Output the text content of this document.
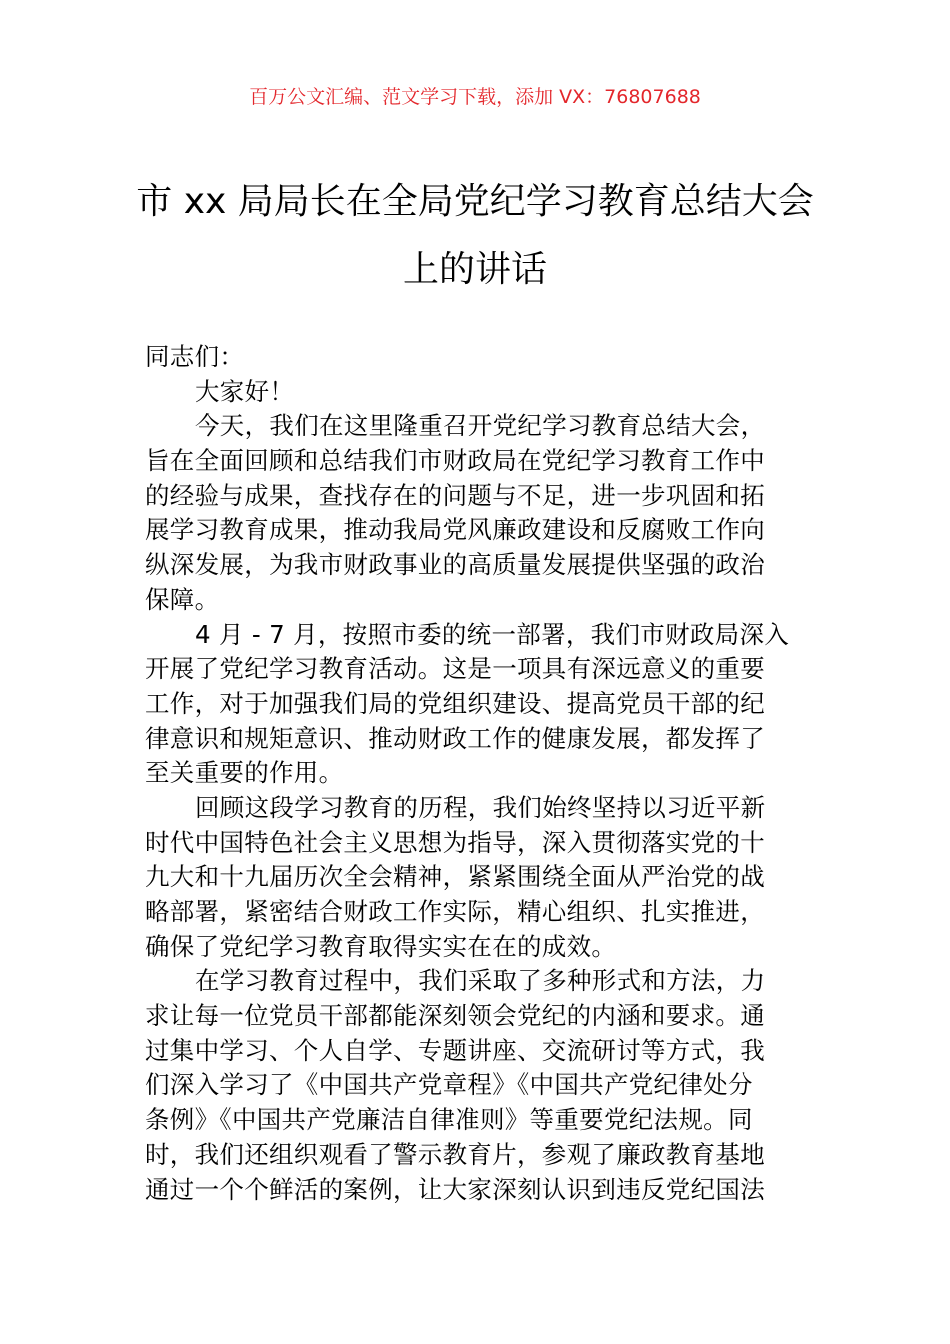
百万公文汇编、范文学习下载，添加 VX：76807688
市 xx 局局长在全局党纪学习教育总结大会
上的讲话
同志们：
大家好！
今天，我们在这里隆重召开党纪学习教育总结大会，
旨在全面回顾和总结我们市财政局在党纪学习教育工作中
的经验与成果，查找存在的问题与不足，进一步巩固和拓
展学习教育成果，推动我局党风廉政建设和反腐败工作向
纵深发展，为我市财政事业的高质量发展提供坚强的政治
保障。
4 月 - 7 月，按照市委的统一部署，我们市财政局深入
开展了党纪学习教育活动。这是一项具有深远意义的重要
工作，对于加强我们局的党组织建设、提高党员干部的纪
律意识和规矩意识、推动财政工作的健康发展，都发挥了
至关重要的作用。
回顾这段学习教育的历程，我们始终坚持以习近平新
时代中国特色社会主义思想为指导，深入贯彻落实党的十
九大和十九届历次全会精神，紧紧围绕全面从严治党的战
略部署，紧密结合财政工作实际，精心组织、扎实推进，
确保了党纪学习教育取得实实在在的成效。
在学习教育过程中，我们采取了多种形式和方法，力
求让每一位党员干部都能深刻领会党纪的内涵和要求。通
过集中学习、个人自学、专题讲座、交流研讨等方式，我
们深入学习了《中国共产党章程》《中国共产党纪律处分
条例》《中国共产党廉洁自律准则》等重要党纪法规。同
时，我们还组织观看了警示教育片，参观了廉政教育基地
通过一个个鲜活的案例，让大家深刻认识到违反党纪国法
